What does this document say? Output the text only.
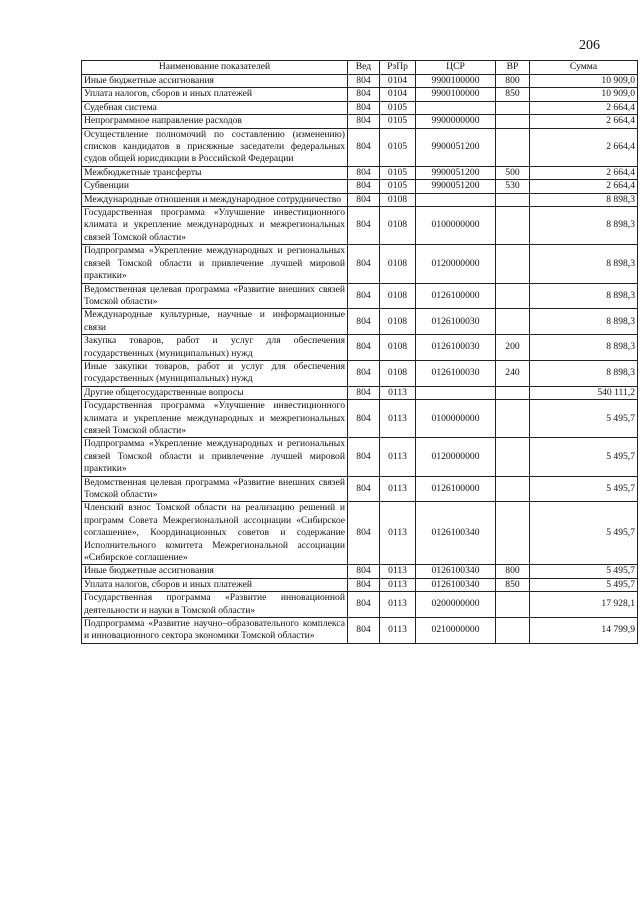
206
Наименование показателей	Вед	РзПр	ЦСР	ВР	Сумма
Иные бюджетные ассигнования	804	0104	9900100000	800	10 909,0
Уплата налогов, сборов и иных платежей	804	0104	9900100000	850	10 909,0
Судебная система	804	0105			2 664,4
Непрограммное направление расходов	804	0105	9900000000		2 664,4
Осуществление полномочий по составлению (изменению) списков кандидатов в присяжные заседатели федеральных судов общей юрисдикции в Российской Федерации	804	0105	9900051200		2 664,4
Межбюджетные трансферты	804	0105	9900051200	500	2 664,4
Субвенции	804	0105	9900051200	530	2 664,4
Международные отношения и международное сотрудничество	804	0108			8 898,3
Государственная программа «Улучшение инвестиционного климата и укрепление международных и межрегиональных связей Томской области»	804	0108	0100000000		8 898,3
Подпрограмма «Укрепление международных и региональных связей Томской области и привлечение лучшей мировой практики»	804	0108	0120000000		8 898,3
Ведомственная целевая программа «Развитие внешних связей Томской области»	804	0108	0126100000		8 898,3
Международные культурные, научные и информационные связи	804	0108	0126100030		8 898,3
Закупка товаров, работ и услуг для обеспечения государственных (муниципальных) нужд	804	0108	0126100030	200	8 898,3
Иные закупки товаров, работ и услуг для обеспечения государственных (муниципальных) нужд	804	0108	0126100030	240	8 898,3
Другие общегосударственные вопросы	804	0113			540 111,2
Государственная программа «Улучшение инвестиционного климата и укрепление международных и межрегиональных связей Томской области»	804	0113	0100000000		5 495,7
Подпрограмма «Укрепление международных и региональных связей Томской области и привлечение лучшей мировой практики»	804	0113	0120000000		5 495,7
Ведомственная целевая программа «Развитие внешних связей Томской области»	804	0113	0126100000		5 495,7
Членский взнос Томской области на реализацию решений и программ Совета Межрегиональной ассоциации «Сибирское соглашение», Координационных советов и содержание Исполнительного комитета Межрегиональной ассоциации «Сибирское соглашение»	804	0113	0126100340		5 495,7
Иные бюджетные ассигнования	804	0113	0126100340	800	5 495,7
Уплата налогов, сборов и иных платежей	804	0113	0126100340	850	5 495,7
Государственная программа «Развитие инновационной деятельности и науки в Томской области»	804	0113	0200000000		17 928,1
Подпрограмма «Развитие научно–образовательного комплекса и инновационного сектора экономики Томской области»	804	0113	0210000000		14 799,9
